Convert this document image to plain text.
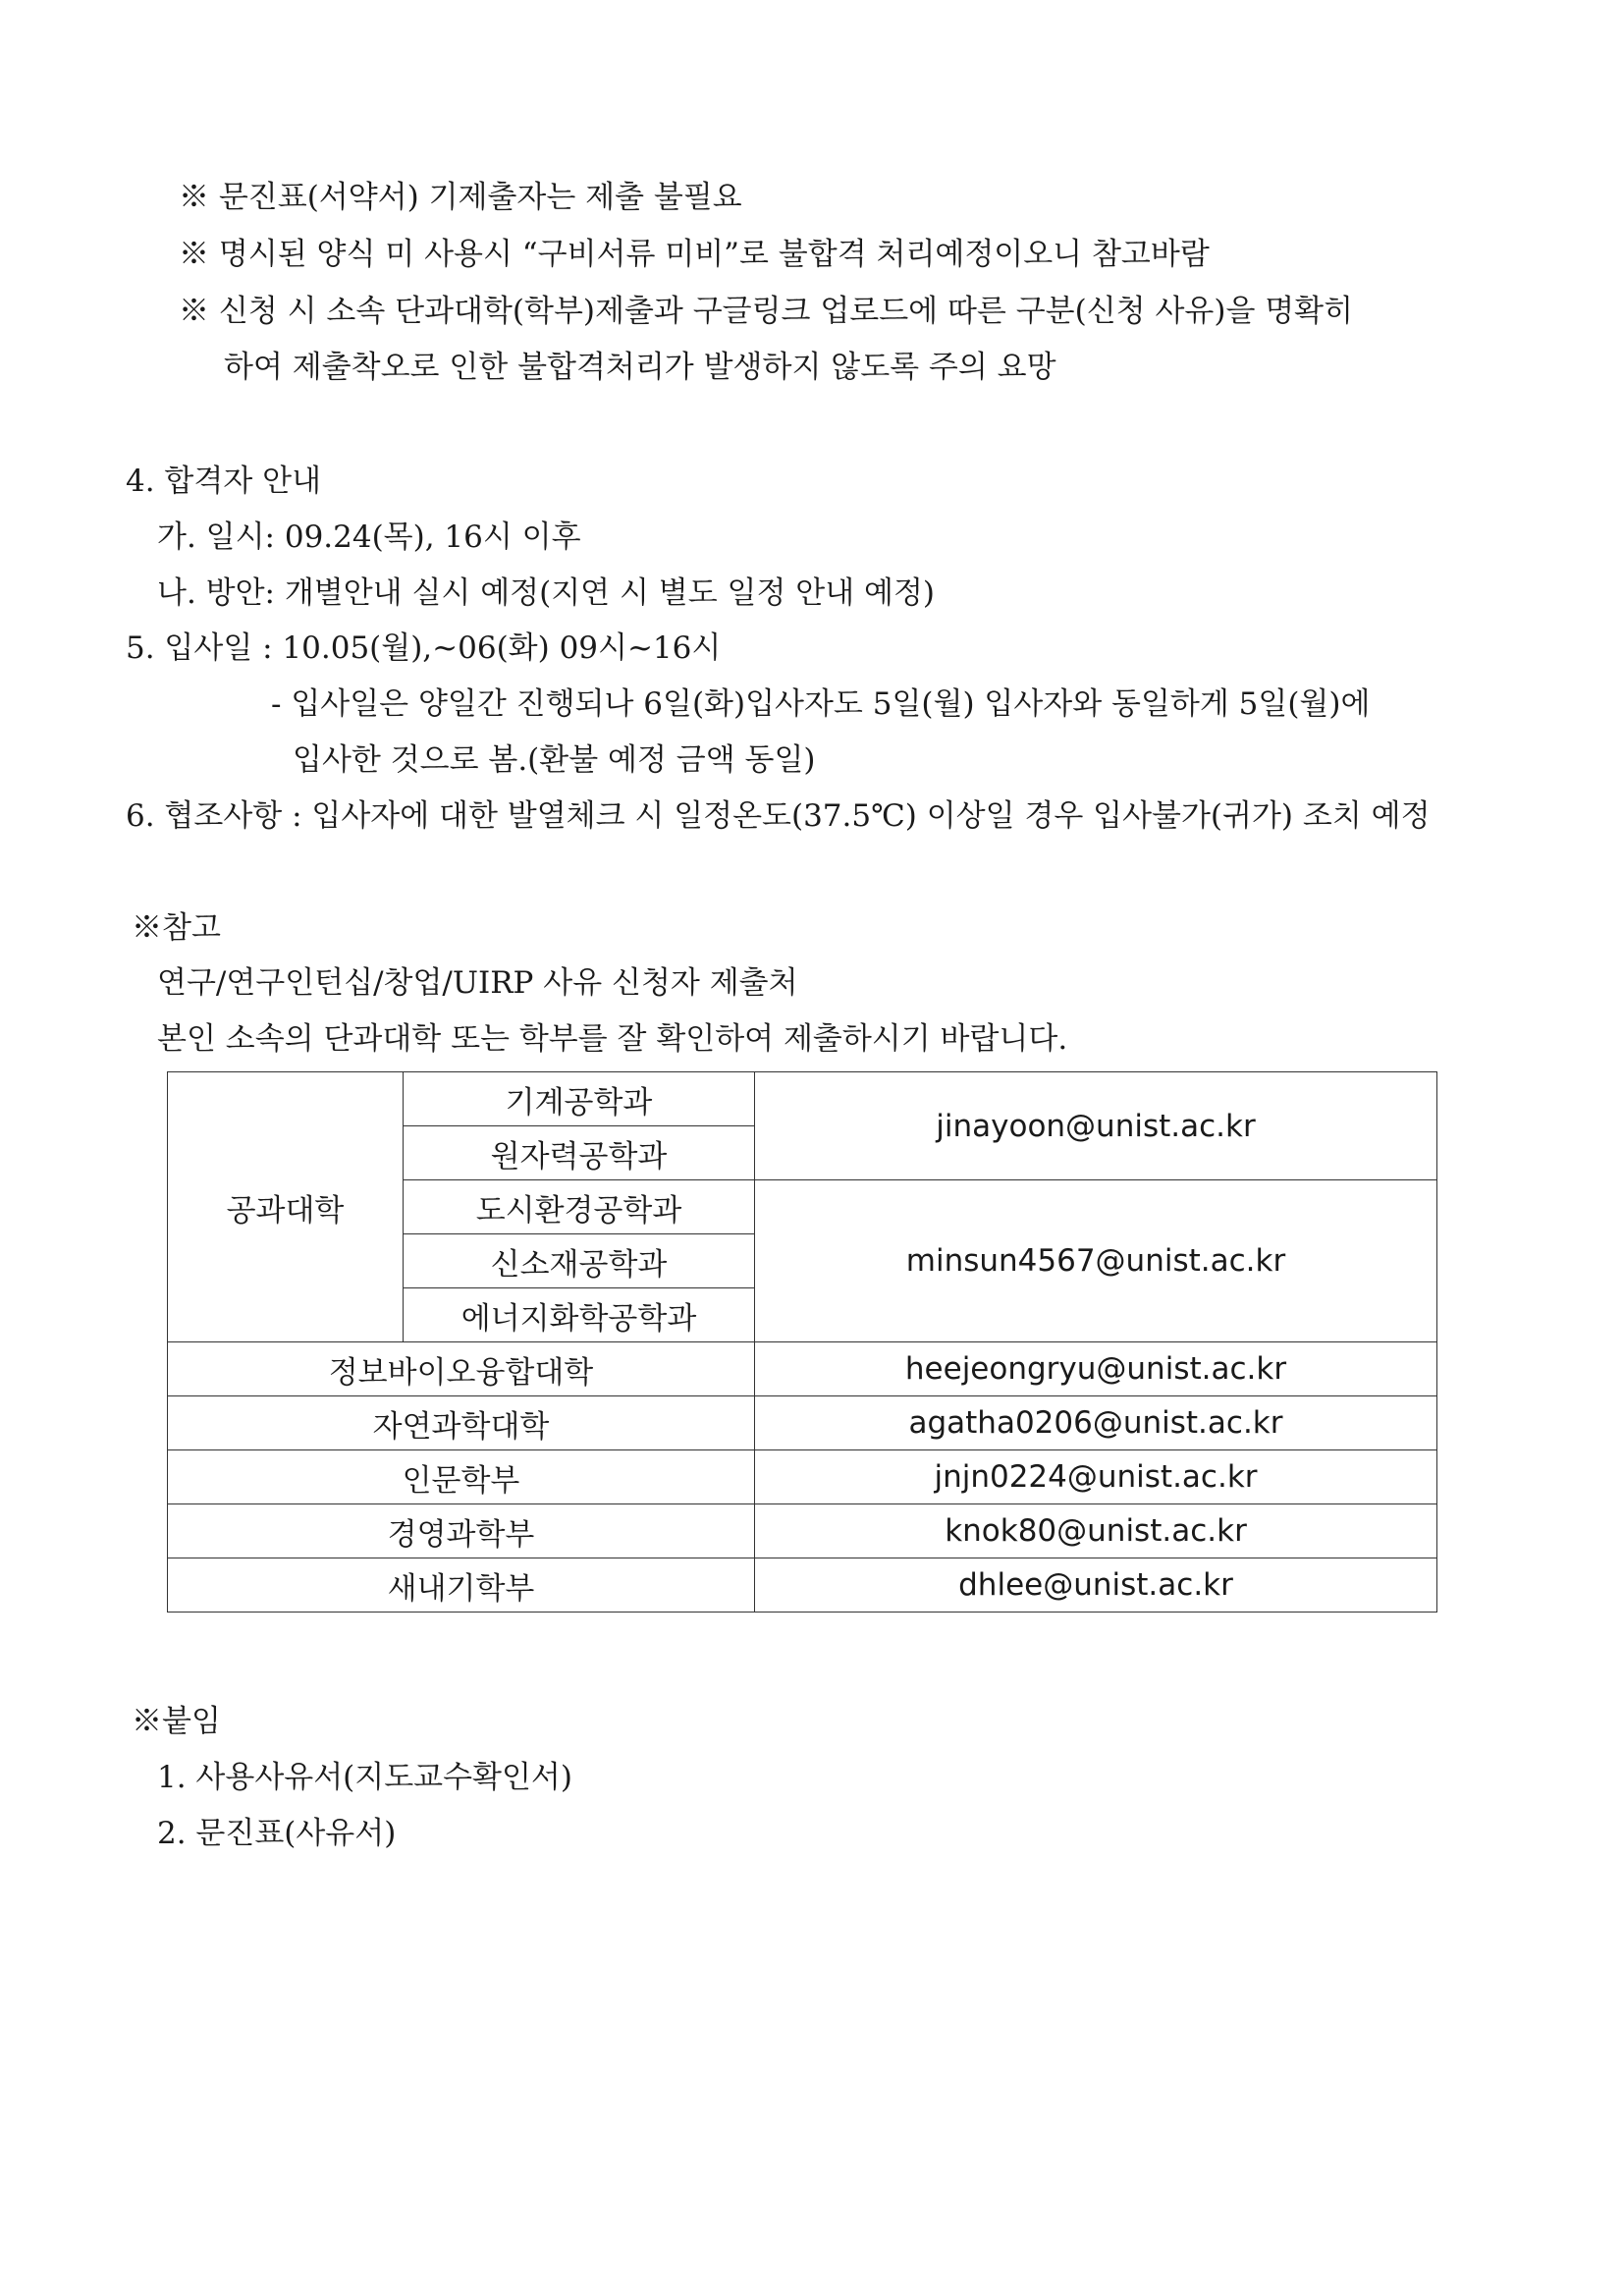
※ 문진표(서약서) 기제출자는 제출 불필요
※ 명시된 양식 미 사용시 “구비서류 미비”로 불합격 처리예정이오니 참고바람
※ 신청 시 소속 단과대학(학부)제출과 구글링크 업로드에 따른 구분(신청 사유)을 명확히
하여 제출착오로 인한 불합격처리가 발생하지 않도록 주의 요망
4. 합격자 안내
가. 일시: 09.24(목), 16시 이후
나. 방안: 개별안내 실시 예정(지연 시 별도 일정 안내 예정)
5. 입사일 : 10.05(월),~06(화) 09시~16시
- 입사일은 양일간 진행되나 6일(화)입사자도 5일(월) 입사자와 동일하게 5일(월)에
입사한 것으로 봄.(환불 예정 금액 동일)
6. 협조사항 : 입사자에 대한 발열체크 시 일정온도(37.5℃) 이상일 경우 입사불가(귀가) 조치 예정
※참고
연구/연구인턴십/창업/UIRP 사유 신청자 제출처
본인 소속의 단과대학 또는 학부를 잘 확인하여 제출하시기 바랍니다.
공과대학	기계공학과	jinayoon@unist.ac.kr
	원자력공학과	
	도시환경공학과	minsun4567@unist.ac.kr
	신소재공학과	
	에너지화학공학과	
정보바이오융합대학		heejeongryu@unist.ac.kr
자연과학대학		agatha0206@unist.ac.kr
인문학부		jnjn0224@unist.ac.kr
경영과학부		knok80@unist.ac.kr
새내기학부		dhlee@unist.ac.kr
※붙임
1. 사용사유서(지도교수확인서)
2. 문진표(사유서)
